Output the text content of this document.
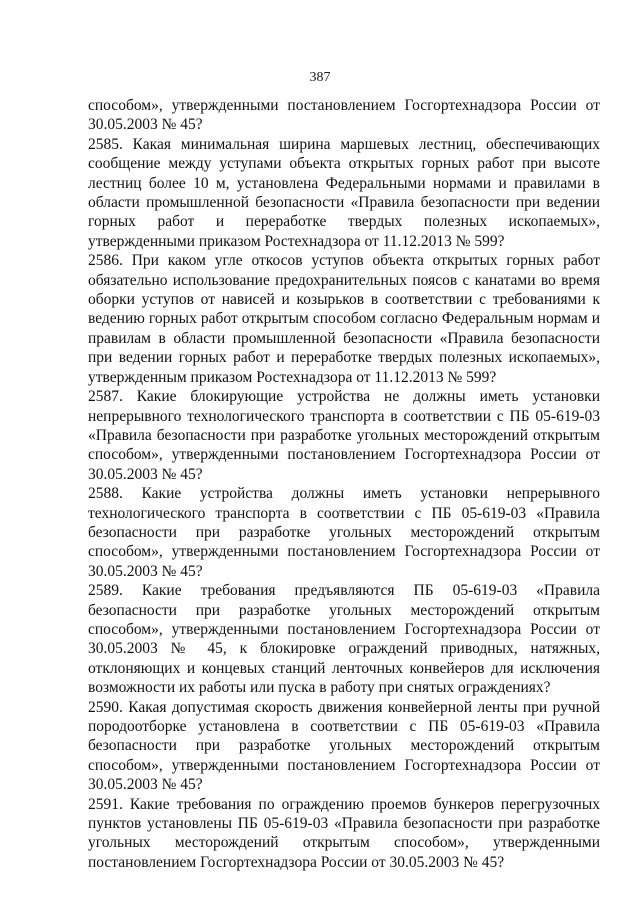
387

способом», утвержденными постановлением Госгортехнадзора России от 30.05.2003 № 45?

2585. Какая минимальная ширина маршевых лестниц, обеспечивающих сообщение между уступами объекта открытых горных работ при высоте лестниц более 10 м, установлена Федеральными нормами и правилами в области промышленной безопасности «Правила безопасности при ведении горных работ и переработке твердых полезных ископаемых», утвержденными приказом Ростехнадзора от 11.12.2013 № 599?

2586. При каком угле откосов уступов объекта открытых горных работ обязательно использование предохранительных поясов с канатами во время оборки уступов от нависей и козырьков в соответствии с требованиями к ведению горных работ открытым способом согласно Федеральным нормам и правилам в области промышленной безопасности «Правила безопасности при ведении горных работ и переработке твердых полезных ископаемых», утвержденным приказом Ростехнадзора от 11.12.2013 № 599?

2587. Какие блокирующие устройства не должны иметь установки непрерывного технологического транспорта в соответствии с ПБ 05-619-03 «Правила безопасности при разработке угольных месторождений открытым способом», утвержденными постановлением Госгортехнадзора России от 30.05.2003 № 45?

2588. Какие устройства должны иметь установки непрерывного технологического транспорта в соответствии с ПБ 05-619-03 «Правила безопасности при разработке угольных месторождений открытым способом», утвержденными постановлением Госгортехнадзора России от 30.05.2003 № 45?

2589. Какие требования предъявляются ПБ 05-619-03 «Правила безопасности при разработке угольных месторождений открытым способом», утвержденными постановлением Госгортехнадзора России от 30.05.2003 № 45, к блокировке ограждений приводных, натяжных, отклоняющих и концевых станций ленточных конвейеров для исключения возможности их работы или пуска в работу при снятых ограждениях?

2590. Какая допустимая скорость движения конвейерной ленты при ручной породоотборке установлена в соответствии с ПБ 05-619-03 «Правила безопасности при разработке угольных месторождений открытым способом», утвержденными постановлением Госгортехнадзора России от 30.05.2003 № 45?

2591. Какие требования по ограждению проемов бункеров перегрузочных пунктов установлены ПБ 05-619-03 «Правила безопасности при разработке угольных месторождений открытым способом», утвержденными постановлением Госгортехнадзора России от 30.05.2003 № 45?
